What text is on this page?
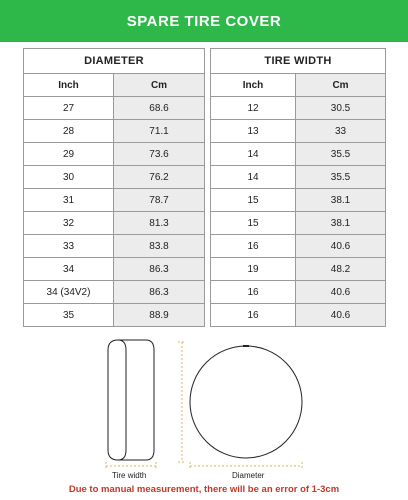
SPARE TIRE COVER
DIAMETER			TIRE WIDTH	
Inch	Cm		Inch	Cm
27	68.6		12	30.5
28	71.1		13	33
29	73.6		14	35.5
30	76.2		14	35.5
31	78.7		15	38.1
32	81.3		15	38.1
33	83.8		16	40.6
34	86.3		19	48.2
34 (34V2)	86.3		16	40.6
35	88.9		16	40.6
Tire width	Diameter
Due to manual measurement, there will be an error of 1-3cm
